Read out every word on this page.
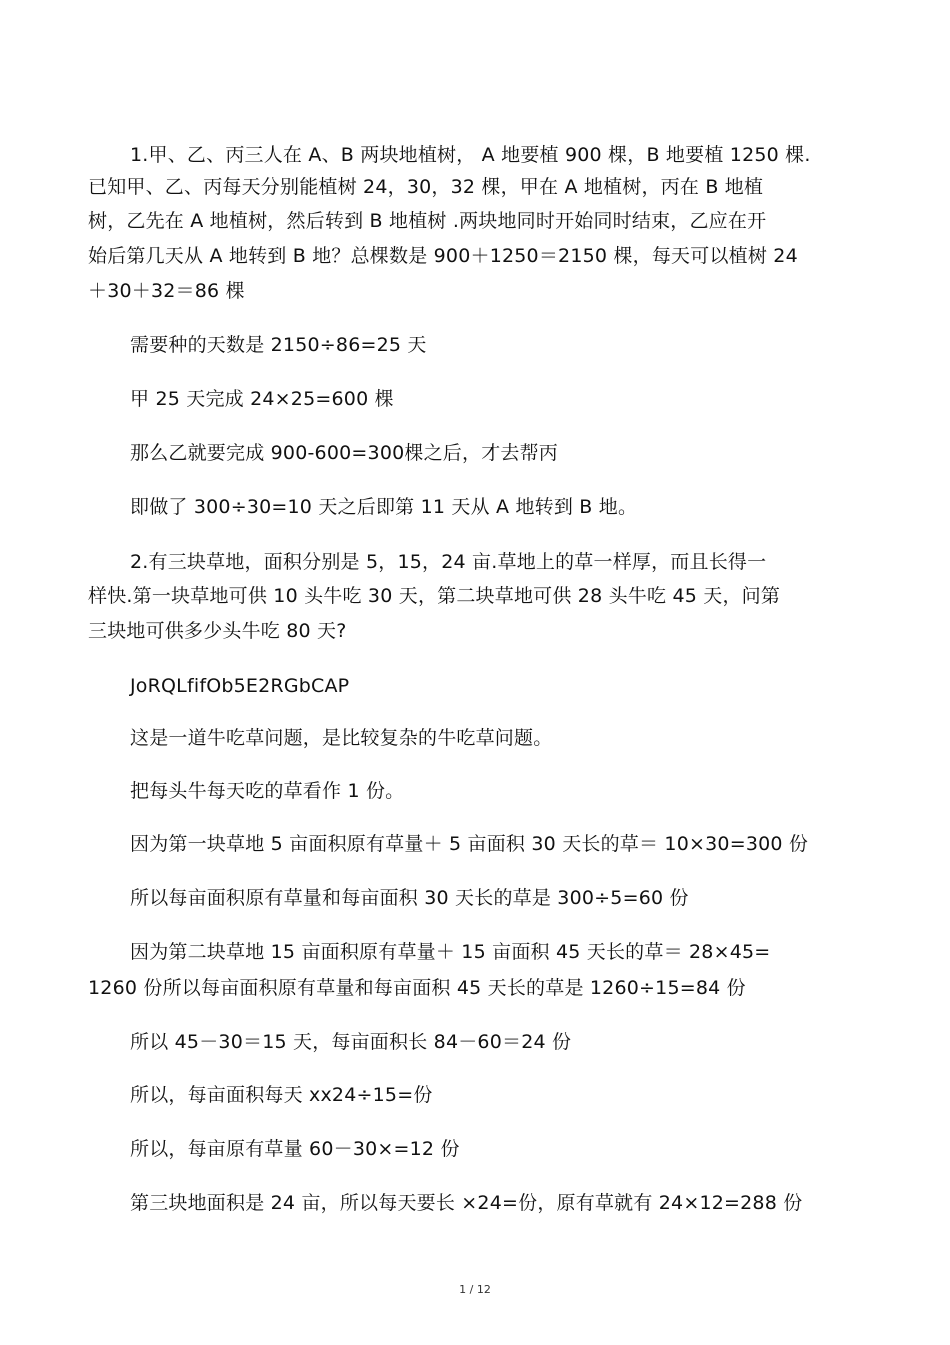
1.甲、乙、丙三人在 A、B 两块地植树， A 地要植 900 棵，B 地要植 1250 棵.
已知甲、乙、丙每天分别能植树 24，30，32 棵，甲在 A 地植树，丙在 B 地植
树，乙先在 A 地植树，然后转到 B 地植树 .两块地同时开始同时结束，乙应在开
始后第几天从 A 地转到 B 地？总棵数是 900＋1250＝2150 棵，每天可以植树 24
＋30＋32＝86 棵
需要种的天数是 2150÷86=25 天
甲 25 天完成 24×25=600 棵
那么乙就要完成 900-600=300棵之后，才去帮丙
即做了 300÷30=10 天之后即第 11 天从 A 地转到 B 地。
2.有三块草地，面积分别是 5，15，24 亩.草地上的草一样厚，而且长得一
样快.第一块草地可供 10 头牛吃 30 天，第二块草地可供 28 头牛吃 45 天，问第
三块地可供多少头牛吃 80 天?
JoRQLfifOb5E2RGbCAP
这是一道牛吃草问题，是比较复杂的牛吃草问题。
把每头牛每天吃的草看作 1 份。
因为第一块草地 5 亩面积原有草量＋ 5 亩面积 30 天长的草＝ 10×30=300 份
所以每亩面积原有草量和每亩面积 30 天长的草是 300÷5=60 份
因为第二块草地 15 亩面积原有草量＋ 15 亩面积 45 天长的草＝ 28×45=
1260 份所以每亩面积原有草量和每亩面积 45 天长的草是 1260÷15=84 份
所以 45－30＝15 天，每亩面积长 84－60＝24 份
所以，每亩面积每天 xx24÷15=份
所以，每亩原有草量 60－30×=12 份
第三块地面积是 24 亩，所以每天要长 ×24=份，原有草就有 24×12=288 份
1 / 12
